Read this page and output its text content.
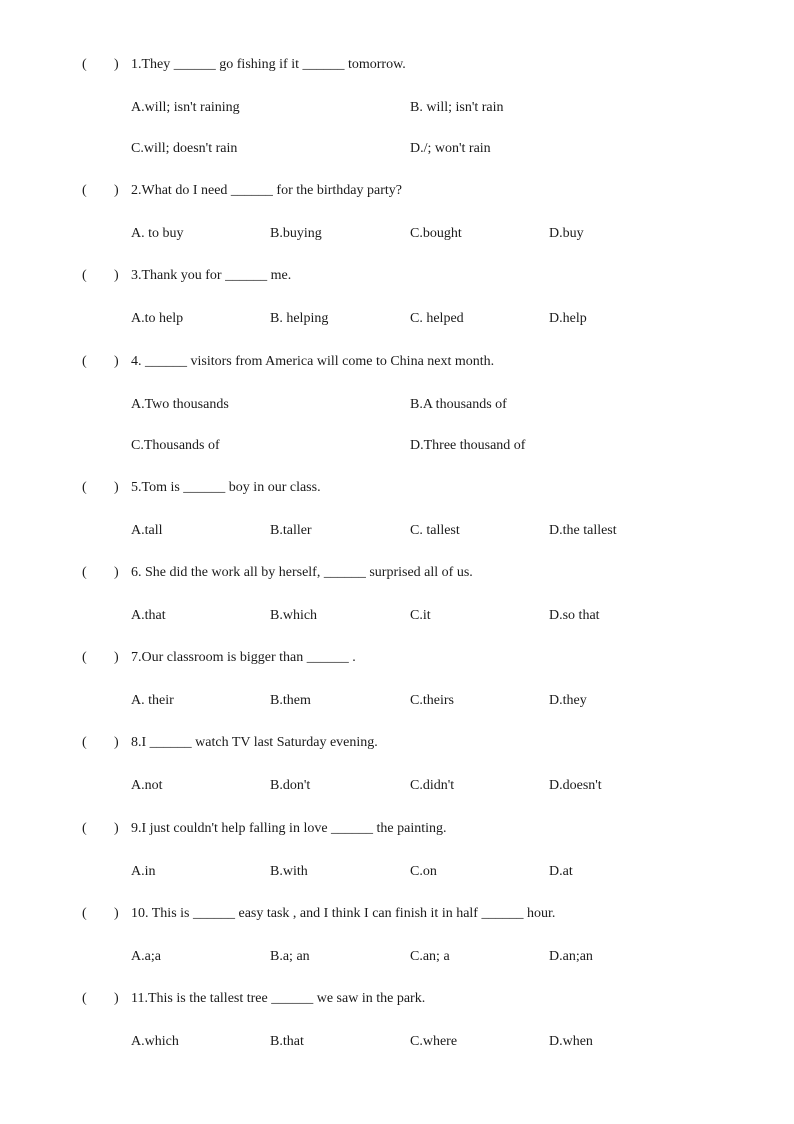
( ) 1.They ______ go fishing if it ______ tomorrow.
A.will; isn't raining	B. will; isn't rain
C.will; doesn't rain	D./; won't rain
( ) 2.What do I need ______ for the birthday party?
A. to buy	B.buying	C.bought	D.buy
( ) 3.Thank you for ______ me.
A.to help	B. helping	C. helped	D.help
( ) 4. ______ visitors from America will come to China next month.
A.Two thousands	B.A thousands of
C.Thousands of	D.Three thousand of
( ) 5.Tom is ______ boy in our class.
A.tall	B.taller	C. tallest	D.the tallest
( ) 6. She did the work all by herself, ______ surprised all of us.
A.that	B.which	C.it	D.so that
( ) 7.Our classroom is bigger than ______ .
A. their	B.them	C.theirs	D.they
( ) 8.I ______ watch TV last Saturday evening.
A.not	B.don't	C.didn't	D.doesn't
( ) 9.I just couldn't help falling in love ______ the painting.
A.in	B.with	C.on	D.at
( ) 10. This is ______ easy task , and I think I can finish it in half ______ hour.
A.a;a	B.a; an	C.an; a	D.an;an
( ) 11.This is the tallest tree ______ we saw in the park.
A.which	B.that	C.where	D.when
